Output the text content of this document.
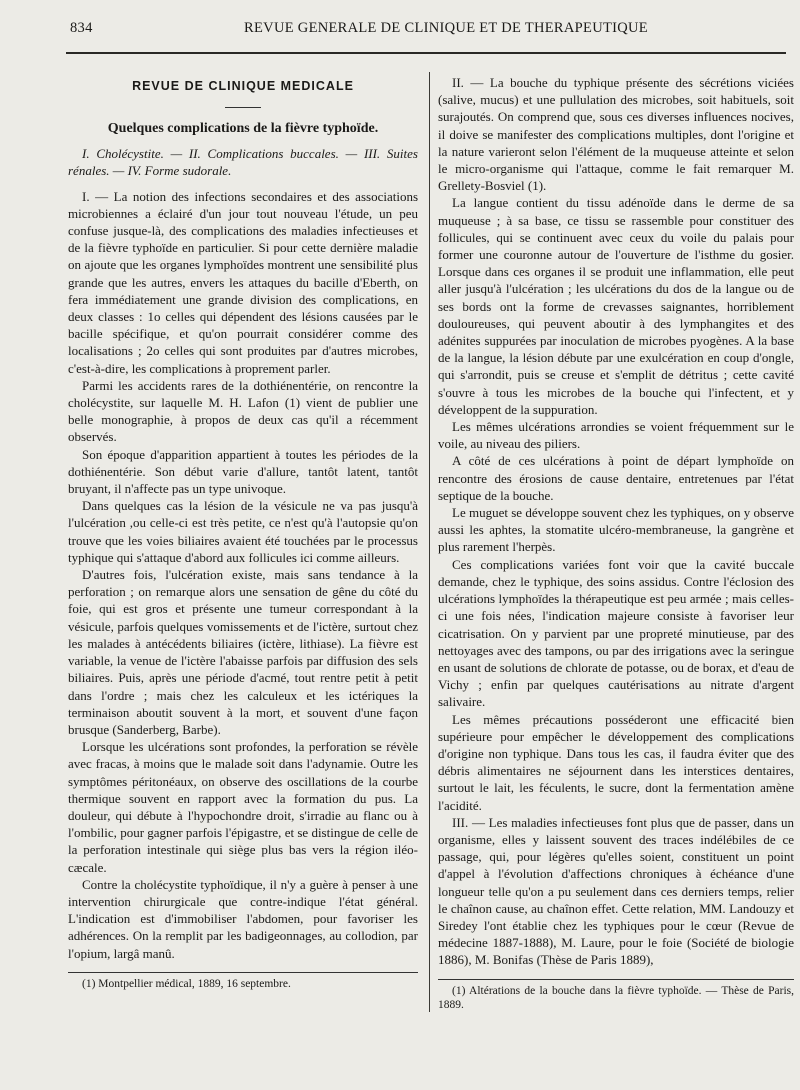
834	REVUE GENERALE DE CLINIQUE ET DE THERAPEUTIQUE
REVUE DE CLINIQUE MEDICALE
Quelques complications de la fièvre typhoïde.

I. Cholécystite. — II. Complications buccales. — III. Suites rénales. — IV. Forme sudorale.

I. — La notion des infections secondaires et des associations microbiennes a éclairé d'un jour tout nouveau l'étude, un peu confuse jusque-là, des complications des maladies infectieuses et de la fièvre typhoïde en particulier. Si pour cette dernière maladie on ajoute que les organes lymphoïdes montrent une sensibilité plus grande que les autres, envers les attaques du bacille d'Eberth, on fera immédiatement une grande division des complications, en deux classes : 1o celles qui dépendent des lésions causées par le bacille spécifique, et qu'on pourrait considérer comme des localisations ; 2o celles qui sont produites par d'autres microbes, c'est-à-dire, les complications à proprement parler.

Parmi les accidents rares de la dothiénentérie, on rencontre la cholécystite, sur laquelle M. H. Lafon (1) vient de publier une belle monographie, à propos de deux cas qu'il a récemment observés.

Son époque d'apparition appartient à toutes les périodes de la dothiénentérie. Son début varie d'allure, tantôt latent, tantôt bruyant, il n'affecte pas un type univoque.

Dans quelques cas la lésion de la vésicule ne va pas jusqu'à l'ulcération ,ou celle-ci est très petite, ce n'est qu'à l'autopsie qu'on trouve que les voies biliaires avaient été touchées par le processus typhique qui s'attaque d'abord aux follicules ici comme ailleurs.

D'autres fois, l'ulcération existe, mais sans tendance à la perforation ; on remarque alors une sensation de gêne du côté du foie, qui est gros et présente une tumeur correspondant à la vésicule, parfois quelques vomissements et de l'ictère, surtout chez les malades à antécédents biliaires (ictère, lithiase). La fièvre est variable, la venue de l'ictère l'abaisse parfois par diffusion des sels biliaires. Puis, après une période d'acmé, tout rentre petit à petit dans l'ordre ; mais chez les calculeux et les ictériques la terminaison aboutit souvent à la mort, et souvent d'une façon brusque (Sanderberg, Barbe).

Lorsque les ulcérations sont profondes, la perforation se révèle avec fracas, à moins que le malade soit dans l'adynamie. Outre les symptômes péritonéaux, on observe des oscillations de la courbe thermique souvent en rapport avec la formation du pus. La douleur, qui débute à l'hypochondre droit, s'irradie au flanc ou à l'ombilic, pour gagner parfois l'épigastre, et se distingue de celle de la perforation intestinale qui siège plus bas vers la région iléo-cæcale.

Contre la cholécystite typhoïdique, il n'y a guère à penser à une intervention chirurgicale que contre-indique l'état général. L'indication est d'immobiliser l'abdomen, pour favoriser les adhérences. On la remplit par les badigeonnages, au collodion, par l'opium, largâ manû.

(1) Montpellier médical, 1889, 16 septembre.

II. — La bouche du typhique présente des sécrétions viciées (salive, mucus) et une pullulation des microbes, soit habituels, soit surajoutés. On comprend que, sous ces diverses influences nocives, il doive se manifester des complications multiples, dont l'origine et la nature varieront selon l'élément de la muqueuse atteinte et selon le micro-organisme qui l'attaque, comme le fait remarquer M. Grellety-Bosviel (1).

La langue contient du tissu adénoïde dans le derme de sa muqueuse ; à sa base, ce tissu se rassemble pour constituer des follicules, qui se continuent avec ceux du voile du palais pour former une couronne autour de l'ouverture de l'isthme du gosier. Lorsque dans ces organes il se produit une inflammation, elle peut aller jusqu'à l'ulcération ; les ulcérations du dos de la langue ou de ses bords ont la forme de crevasses saignantes, horriblement douloureuses, qui peuvent aboutir à des lymphangites et des adénites suppurées par inoculation de microbes pyogènes. A la base de la langue, la lésion débute par une exulcération en coup d'ongle, qui s'arrondit, puis se creuse et s'emplit de détritus ; cette cavité s'ouvre à tous les microbes de la bouche qui l'infectent, et y développent de la suppuration.

Les mêmes ulcérations arrondies se voient fréquemment sur le voile, au niveau des piliers.

A côté de ces ulcérations à point de départ lymphoïde on rencontre des érosions de cause dentaire, entretenues par l'état septique de la bouche.

Le muguet se développe souvent chez les typhiques, on y observe aussi les aphtes, la stomatite ulcéro-membraneuse, la gangrène et plus rarement l'herpès.

Ces complications variées font voir que la cavité buccale demande, chez le typhique, des soins assidus. Contre l'éclosion des ulcérations lymphoïdes la thérapeutique est peu armée ; mais celles-ci une fois nées, l'indication majeure consiste à favoriser leur cicatrisation. On y parvient par une propreté minutieuse, par des nettoyages avec des tampons, ou par des irrigations avec la seringue en usant de solutions de chlorate de potasse, ou de borax, et d'eau de Vichy ; enfin par quelques cautérisations au nitrate d'argent salivaire.

Les mêmes précautions posséderont une efficacité bien supérieure pour empêcher le développement des complications d'origine non typhique. Dans tous les cas, il faudra éviter que des débris alimentaires ne séjournent dans les interstices dentaires, surtout le lait, les féculents, le sucre, dont la fermentation amène l'acidité.

III. — Les maladies infectieuses font plus que de passer, dans un organisme, elles y laissent souvent des traces indélébiles de ce passage, qui, pour légères qu'elles soient, constituent un point d'appel à l'évolution d'affections chroniques à échéance d'une longueur telle qu'on a pu seulement dans ces derniers temps, relier le chaînon cause, au chaînon effet. Cette relation, MM. Landouzy et Siredey l'ont établie chez les typhiques pour le cœur (Revue de médecine 1887-1888), M. Laure, pour le foie (Société de biologie 1886), M. Bonifas (Thèse de Paris 1889),

(1) Altérations de la bouche dans la fièvre typhoïde. — Thèse de Paris, 1889.
